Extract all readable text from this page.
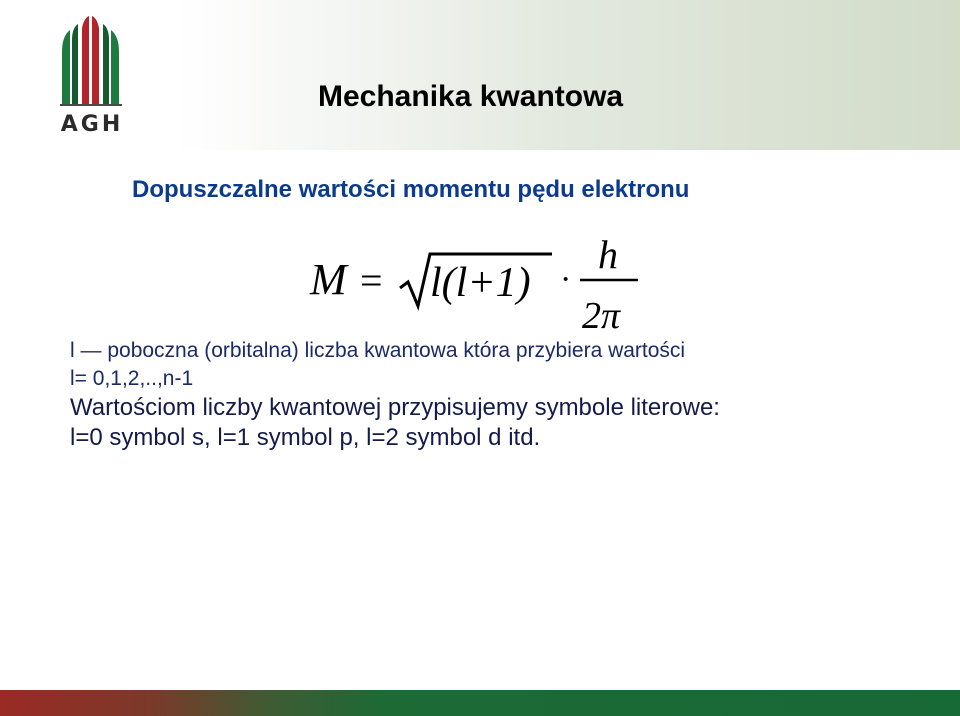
AGH
Mechanika kwantowa
Dopuszczalne wartości momentu pędu elektronu
M = l(l+1) ·
h
2π
l — poboczna (orbitalna) liczba kwantowa która przybiera wartości
l= 0,1,2,..,n-1
Wartościom liczby kwantowej przypisujemy symbole literowe:
l=0 symbol s, l=1 symbol p, l=2 symbol d itd.
